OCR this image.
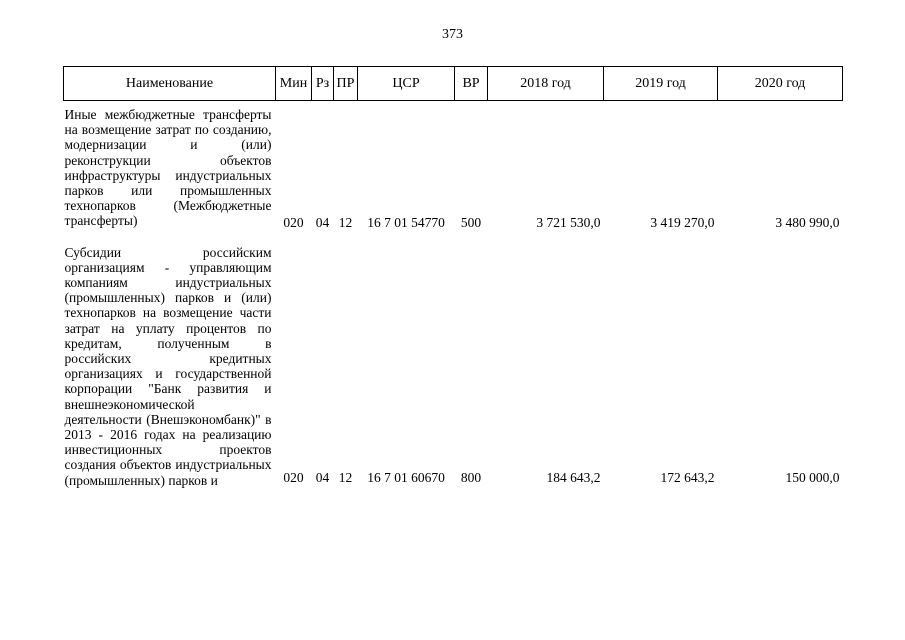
373
Наименование	Мин	Рз	ПР	ЦСР	ВР	2018 год	2019 год	2020 год
Иные межбюджетные трансферты на возмещение затрат по созданию, модернизации и (или) реконструкции объектов инфраструктуры индустриальных парков или промышленных технопарков (Межбюджетные трансферты)	020	04	12	16 7 01 54770	500	3 721 530,0	3 419 270,0	3 480 990,0
Субсидии российским организациям - управляющим компаниям индустриальных (промышленных) парков и (или) технопарков на возмещение части затрат на уплату процентов по кредитам, полученным в российских кредитных организациях и государственной корпорации "Банк развития и внешнеэкономической деятельности (Внешэкономбанк)" в 2013 - 2016 годах на реализацию инвестиционных проектов создания объектов индустриальных (промышленных) парков и	020	04	12	16 7 01 60670	800	184 643,2	172 643,2	150 000,0
